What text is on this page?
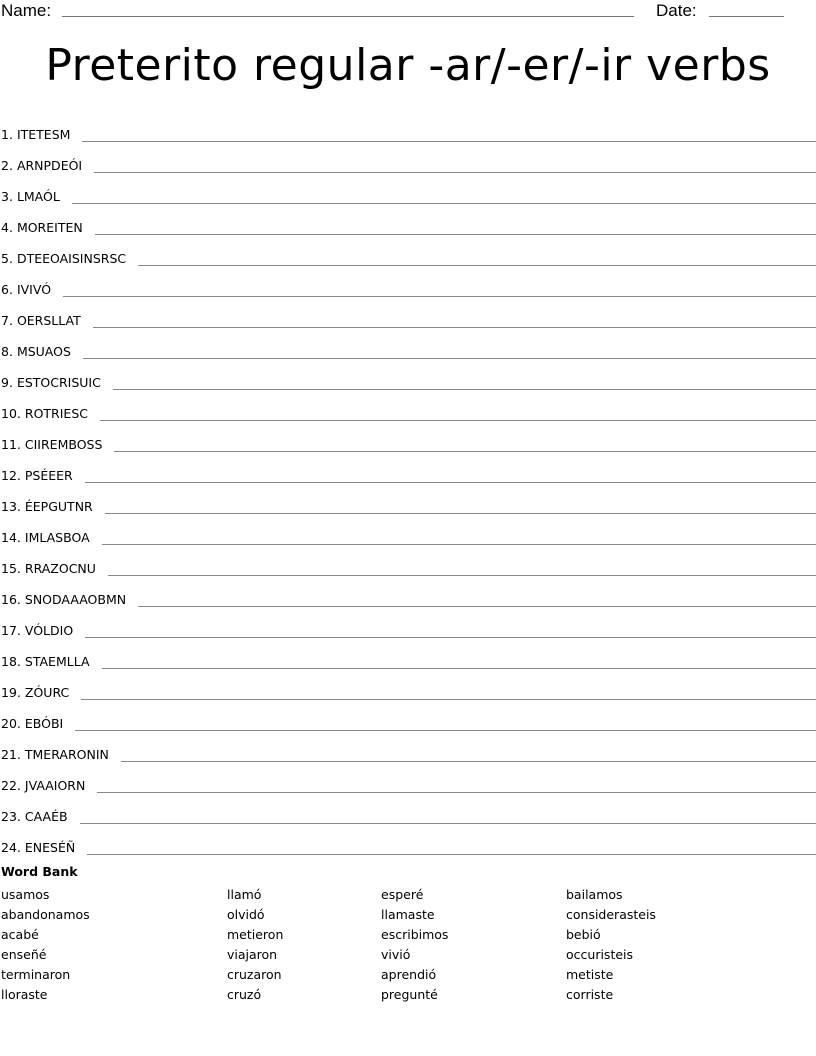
Name:	Date:
Preterito regular -ar/-er/-ir verbs
1. ITETESM
2. ARNPDEÓI
3. LMAÓL
4. MOREITEN
5. DTEEOAISINSRSC
6. IVIVÓ
7. OERSLLAT
8. MSUAOS
9. ESTOCRISUIC
10. ROTRIESC
11. CIIREMBOSS
12. PSÉEER
13. ÉEPGUTNR
14. IMLASBOA
15. RRAZOCNU
16. SNODAAAOBMN
17. VÓLDIO
18. STAEMLLA
19. ZÓURC
20. EBÓBI
21. TMERARONIN
22. JVAAIORN
23. CAAÉB
24. ENESÉÑ
Word Bank
usamos
abandonamos
acabé
enseñé
terminaron
lloraste
llamó
olvidó
metieron
viajaron
cruzaron
cruzó
esperé
llamaste
escribimos
vivió
aprendió
pregunté
bailamos
considerasteis
bebió
occuristeis
metiste
corriste
